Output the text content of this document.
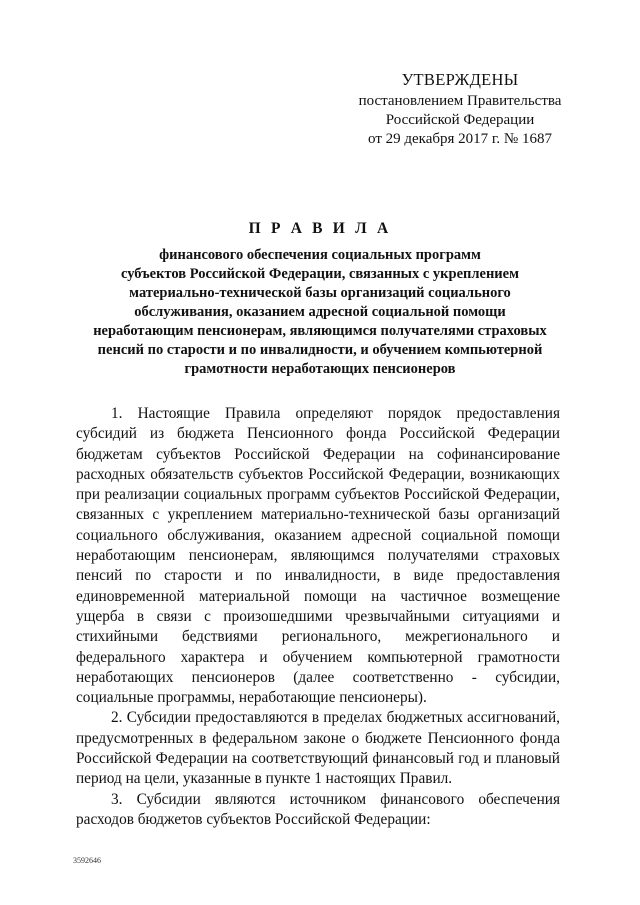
УТВЕРЖДЕНЫ
постановлением Правительства
Российской Федерации
от 29 декабря 2017 г. № 1687
П Р А В И Л А
финансового обеспечения социальных программ
субъектов Российской Федерации, связанных с укреплением
материально-технической базы организаций социального
обслуживания, оказанием адресной социальной помощи
неработающим пенсионерам, являющимся получателями страховых
пенсий по старости и по инвалидности, и обучением компьютерной
грамотности неработающих пенсионеров

1. Настоящие Правила определяют порядок предоставления субсидий из бюджета Пенсионного фонда Российской Федерации бюджетам субъектов Российской Федерации на софинансирование расходных обязательств субъектов Российской Федерации, возникающих при реализации социальных программ субъектов Российской Федерации, связанных с укреплением материально-технической базы организаций социального обслуживания, оказанием адресной социальной помощи неработающим пенсионерам, являющимся получателями страховых пенсий по старости и по инвалидности, в виде предоставления единовременной материальной помощи на частичное возмещение ущерба в связи с произошедшими чрезвычайными ситуациями и стихийными бедствиями регионального, межрегионального и федерального характера и обучением компьютерной грамотности неработающих пенсионеров (далее соответственно - субсидии, социальные программы, неработающие пенсионеры).

2. Субсидии предоставляются в пределах бюджетных ассигнований, предусмотренных в федеральном законе о бюджете Пенсионного фонда Российской Федерации на соответствующий финансовый год и плановый период на цели, указанные в пункте 1 настоящих Правил.

3. Субсидии являются источником финансового обеспечения расходов бюджетов субъектов Российской Федерации:

3592646
